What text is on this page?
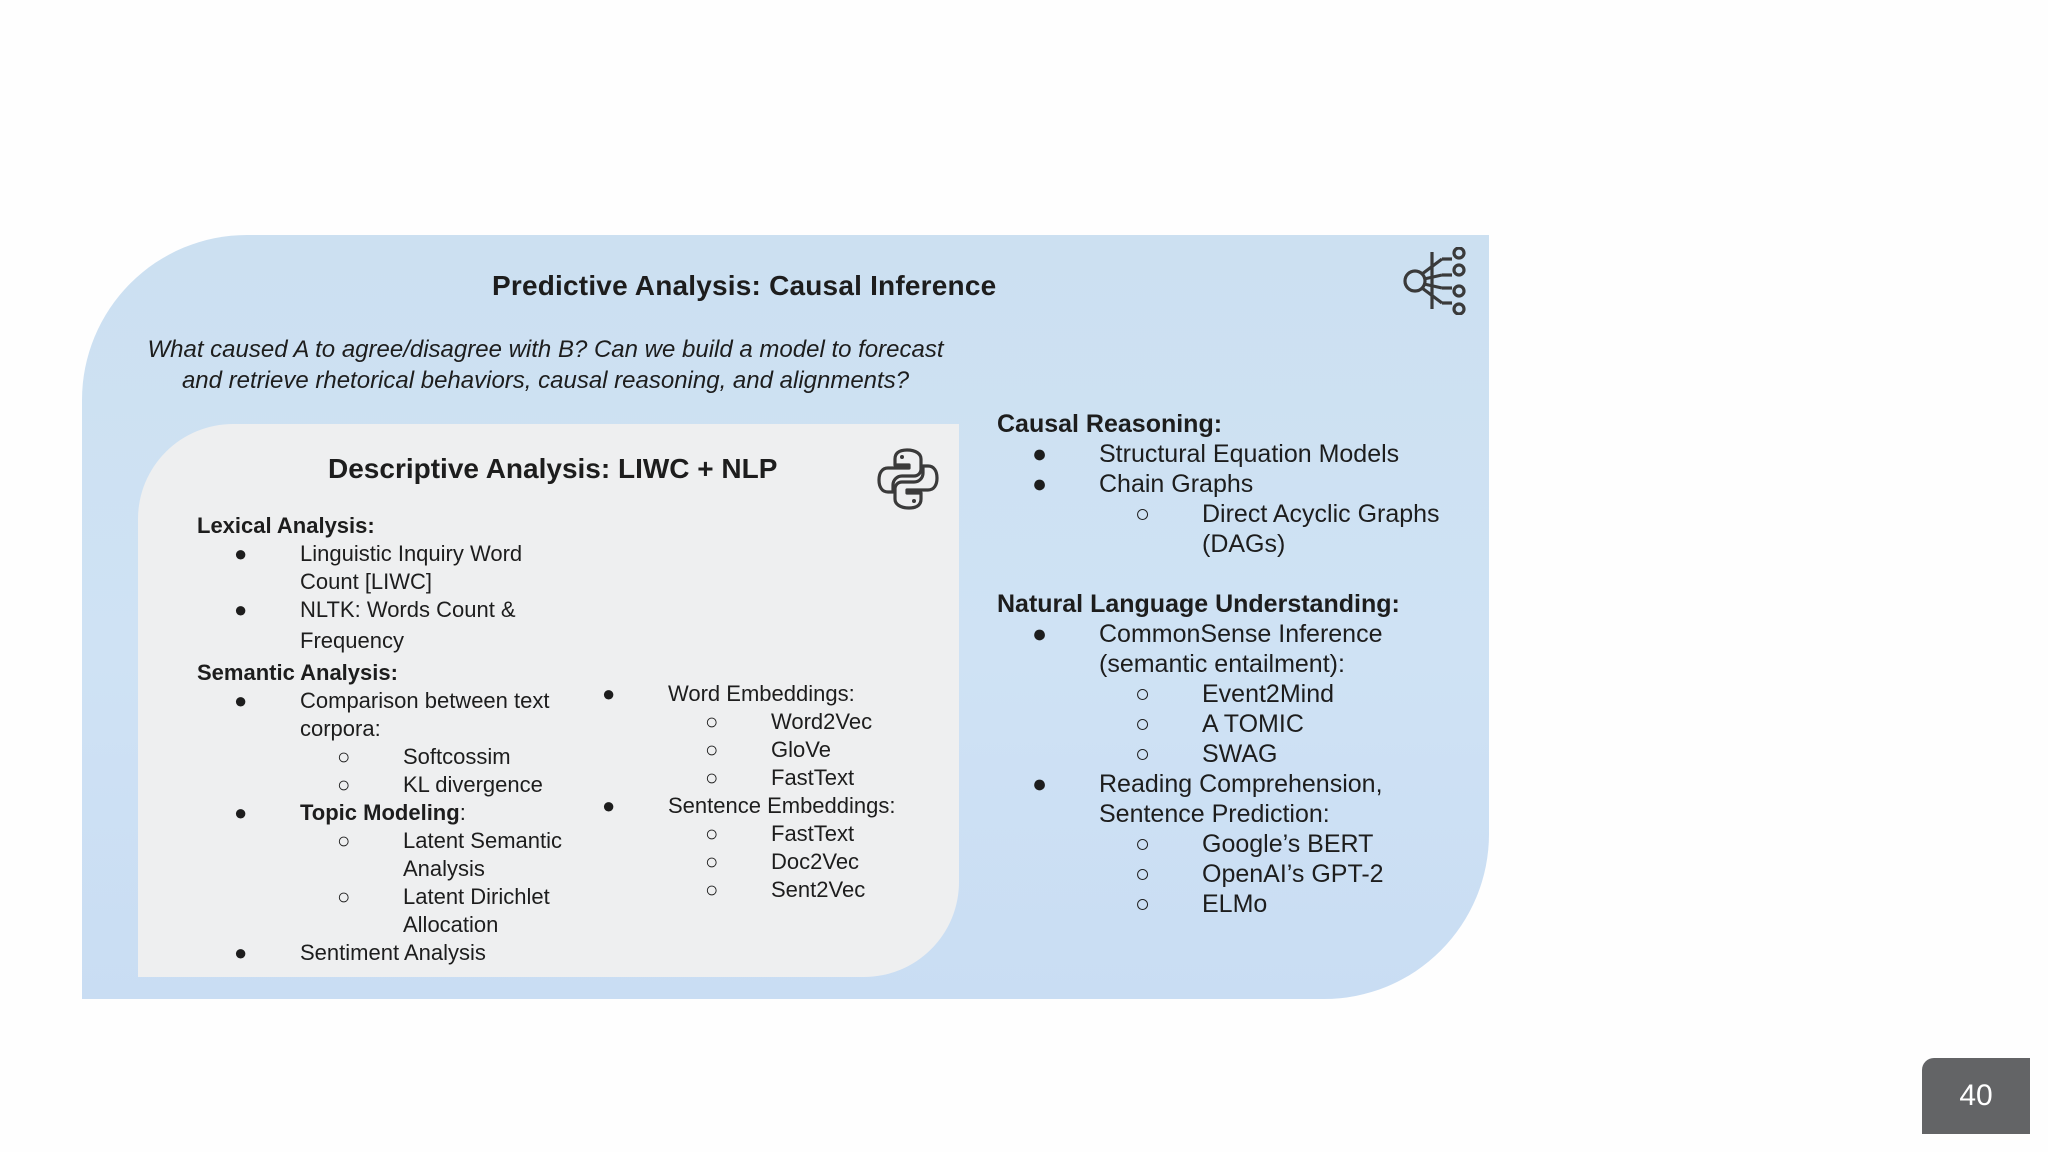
Predictive Analysis: Causal Inference
What caused A to agree/disagree with B? Can we build a model to forecast
and retrieve rhetorical behaviors, causal reasoning, and alignments?
Descriptive Analysis: LIWC + NLP
Lexical Analysis:
● Linguistic Inquiry Word
Count [LIWC]
● NLTK: Words Count &
Frequency
Semantic Analysis:
● Comparison between text
corpora:
○ Softcossim
○ KL divergence
● Topic Modeling:
○ Latent Semantic
Analysis
○ Latent Dirichlet
Allocation
● Sentiment Analysis
● Word Embeddings:
○ Word2Vec
○ GloVe
○ FastText
● Sentence Embeddings:
○ FastText
○ Doc2Vec
○ Sent2Vec
Causal Reasoning:
● Structural Equation Models
● Chain Graphs
○ Direct Acyclic Graphs
(DAGs)
Natural Language Understanding:
● CommonSense Inference
(semantic entailment):
○ Event2Mind
○ A TOMIC
○ SWAG
● Reading Comprehension,
Sentence Prediction:
○ Google’s BERT
○ OpenAI’s GPT-2
○ ELMo
40
